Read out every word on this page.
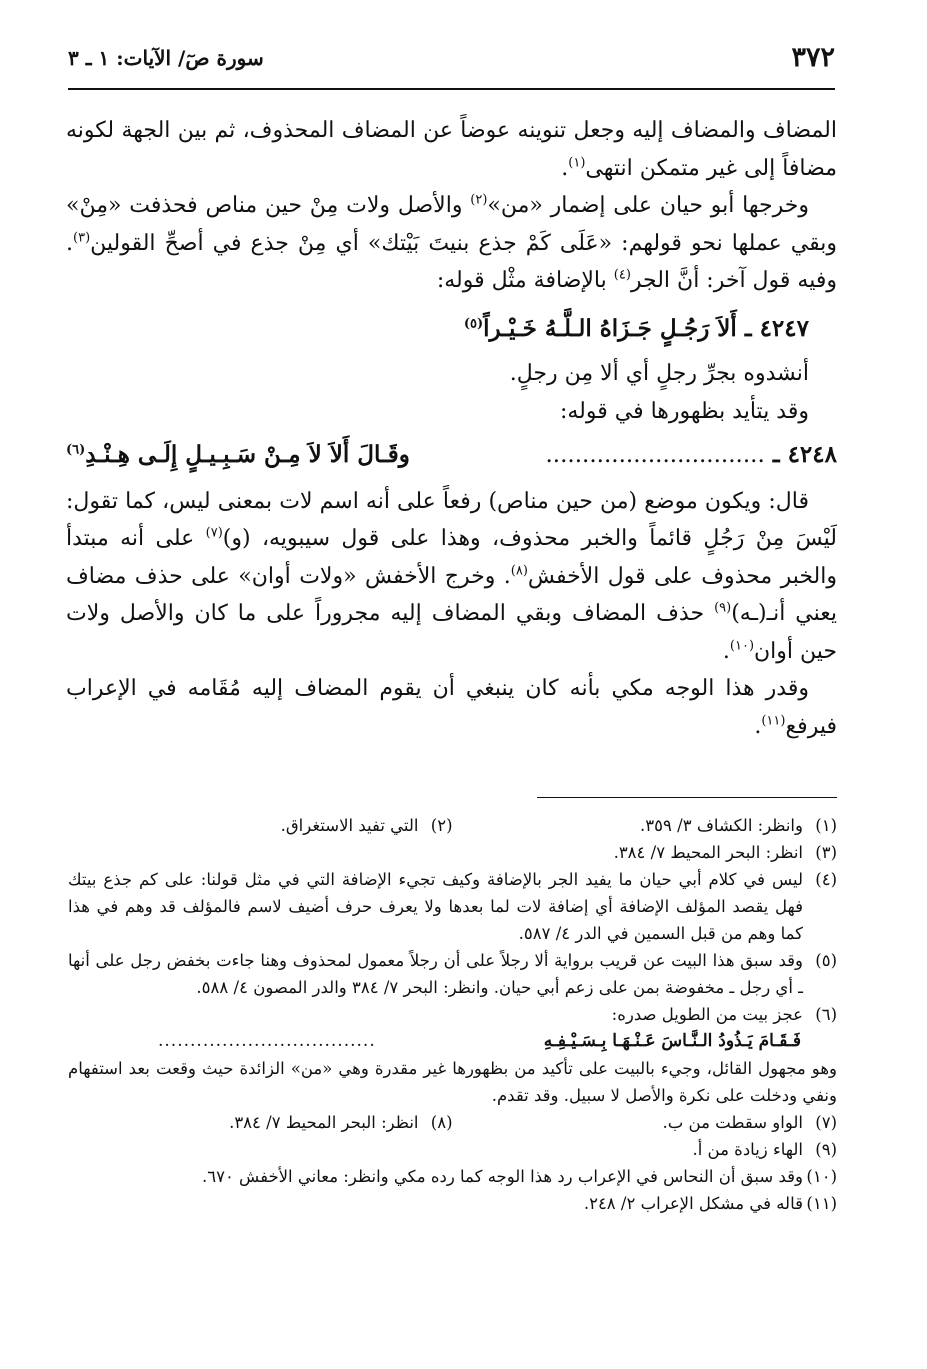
٣٧٢
سورة صٓ/ الآيات: ١ ـ ٣

المضاف والمضاف إليه وجعل تنوينه عوضاً عن المضاف المحذوف، ثم بين الجهة لكونه مضافاً إلى غير متمكن انتهى$^{(١)}$.

وخرجها أبو حيان على إضمار «من»$^{(٢)}$ والأصل ولات مِنْ حين مناص فحذفت «مِنْ» وبقي عملها نحو قولهم: «عَلَى كَمْ جذع بنيتَ بَيْتك» أي مِنْ جذع في أصحِّ القولين$^{(٣)}$. وفيه قول آخر: أنَّ الجر$^{(٤)}$ بالإضافة مثْل قوله:

٤٢٤٧ ـ أَلاَ رَجُـلٍ جَـزَاهُ الـلَّـهُ خَـيْـراً$^{(٥)}$

أنشدوه بجرِّ رجلٍ أي ألا مِن رجلٍ.

وقد يتأيد بظهورها في قوله:

٤٢٤٨ ـ ..............................
وقَـالَ أَلاَ لاَ مِـنْ سَـبِـيـلٍ إِلَـى هِـنْـدِ$^{(٦)}$

قال: ويكون موضع (من حين مناص) رفعاً على أنه اسم لات بمعنى ليس، كما تقول: لَيْسَ مِنْ رَجُلٍ قائماً والخبر محذوف، وهذا على قول سيبويه، (و)$^{(٧)}$ على أنه مبتدأ والخبر محذوف على قول الأخفش$^{(٨)}$. وخرج الأخفش «ولات أوان» على حذف مضاف يعني أنـ(ـه)$^{(٩)}$ حذف المضاف وبقي المضاف إليه مجروراً على ما كان والأصل ولات حين أوان$^{(١٠)}$.

وقدر هذا الوجه مكي بأنه كان ينبغي أن يقوم المضاف إليه مُقَامه في الإعراب فيرفع$^{(١١)}$.

(١)
وانظر: الكشاف ٣/ ٣٥٩.
(٢)
التي تفيد الاستغراق.
(٣)
انظر: البحر المحيط ٧/ ٣٨٤.
(٤)
ليس في كلام أبي حيان ما يفيد الجر بالإضافة وكيف تجيء الإضافة التي في مثل قولنا: على كم جذع بيتك فهل يقصد المؤلف الإضافة أي إضافة لات لما بعدها ولا يعرف حرف أضيف لاسم فالمؤلف قد وهم في هذا كما وهم من قبل السمين في الدر ٤/ ٥٨٧.
(٥)
وقد سبق هذا البيت عن قريب برواية ألا رجلاً على أن رجلاً معمول لمحذوف وهنا جاءت بخفض رجل على أنها ـ أي رجل ـ مخفوضة بمن على زعم أبي حيان. وانظر: البحر ٧/ ٣٨٤ والدر المصون ٤/ ٥٨٨.
(٦)
عجز بيت من الطويل صدره:
فَـقَـامَ يَـذُودُ الـنَّـاسَ عَـنْـهَـا بِـسَـيْـفِـهِ
..................................
وهو مجهول القائل، وجيء بالبيت على تأكيد من بظهورها غير مقدرة وهي «من» الزائدة حيث وقعت بعد استفهام ونفي ودخلت على نكرة والأصل لا سبيل. وقد تقدم.
(٧)
الواو سقطت من ب.
(٨)
انظر: البحر المحيط ٧/ ٣٨٤.
(٩)
الهاء زيادة من أ.
(١٠)
وقد سبق أن النحاس في الإعراب رد هذا الوجه كما رده مكي وانظر: معاني الأخفش ٦٧٠.
(١١)
قاله في مشكل الإعراب ٢/ ٢٤٨.
